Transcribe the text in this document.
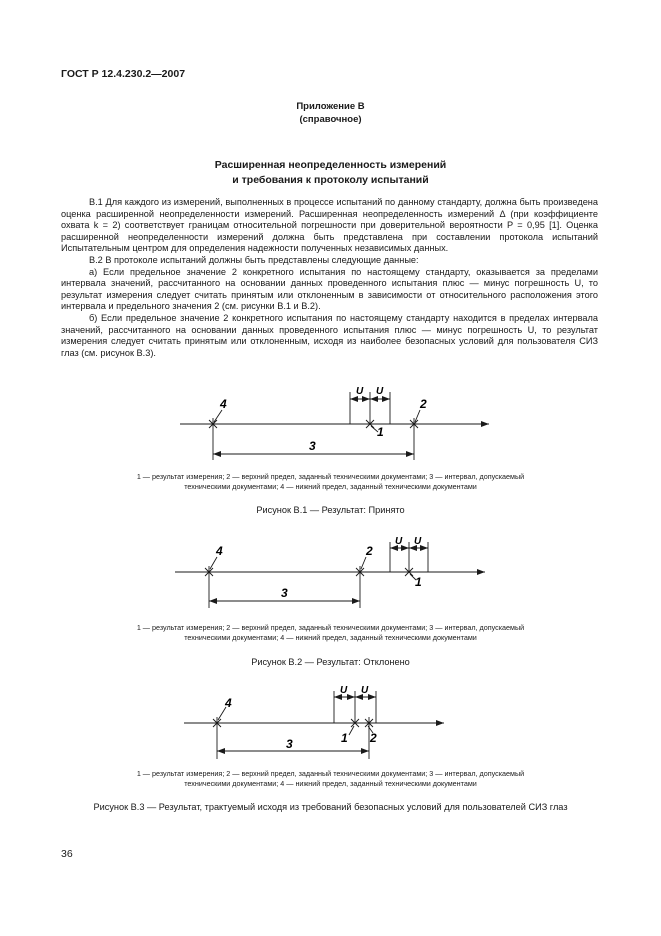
ГОСТ Р 12.4.230.2—2007
Приложение В
(справочное)
Расширенная неопределенность измерений
и требования к протоколу испытаний

В.1 Для каждого из измерений, выполненных в процессе испытаний по данному стандарту, должна быть произведена оценка расширенной неопределенности измерений. Расширенная неопределенность измерений Δ (при коэффициенте охвата k = 2) соответствует границам относительной погрешности при доверительной вероятности P = 0,95 [1]. Оценка расширенной неопределенности измерений должна быть представлена при составлении протокола испытаний Испытательным центром для определения надежности полученных независимых данных.

В.2 В протоколе испытаний должны быть представлены следующие данные:

а) Если предельное значение 2 конкретного испытания по настоящему стандарту, оказывается за пределами интервала значений, рассчитанного на основании данных проведенного испытания плюс — минус погрешность U, то результат измерения следует считать принятым или отклоненным в зависимости от относительного расположения этого интервала и предельного значения 2 (см. рисунки В.1 и В.2).

б) Если предельное значение 2 конкретного испытания по настоящему стандарту находится в пределах интервала значений, рассчитанного на основании данных проведенного испытания плюс — минус погрешность U, то результат измерения следует считать принятым или отклоненным, исходя из наиболее безопасных условий для пользователя СИЗ глаз (см. рисунок В.3).

U U
4	2
1
3
1 — результат измерения; 2 — верхний предел, заданный техническими документами; 3 — интервал, допускаемый
техническими документами; 4 — нижний предел, заданный техническими документами
Рисунок В.1 — Результат: Принято
U U
4	2
1
3
1 — результат измерения; 2 — верхний предел, заданный техническими документами; 3 — интервал, допускаемый
техническими документами; 4 — нижний предел, заданный техническими документами
Рисунок В.2 — Результат: Отклонено
U U
4
1 2
3
1 — результат измерения; 2 — верхний предел, заданный техническими документами; 3 — интервал, допускаемый
техническими документами; 4 — нижний предел, заданный техническими документами
Рисунок В.3 — Результат, трактуемый исходя из требований безопасных условий для пользователей СИЗ глаз
36
